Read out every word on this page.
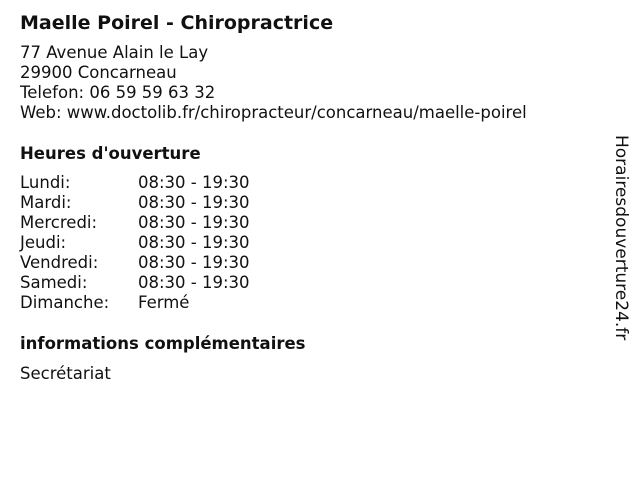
Maelle Poirel - Chiropractrice
77 Avenue Alain le Lay
29900 Concarneau
Telefon: 06 59 59 63 32
Web: www.doctolib.fr/chiropracteur/concarneau/maelle-poirel
Heures d'ouverture
Lundi:	08:30 - 19:30
Mardi:	08:30 - 19:30
Mercredi:	08:30 - 19:30
Jeudi:	08:30 - 19:30
Vendredi:	08:30 - 19:30
Samedi:	08:30 - 19:30
Dimanche:	Fermé
informations complémentaires
Secrétariat
Horairesdouverture24.fr
